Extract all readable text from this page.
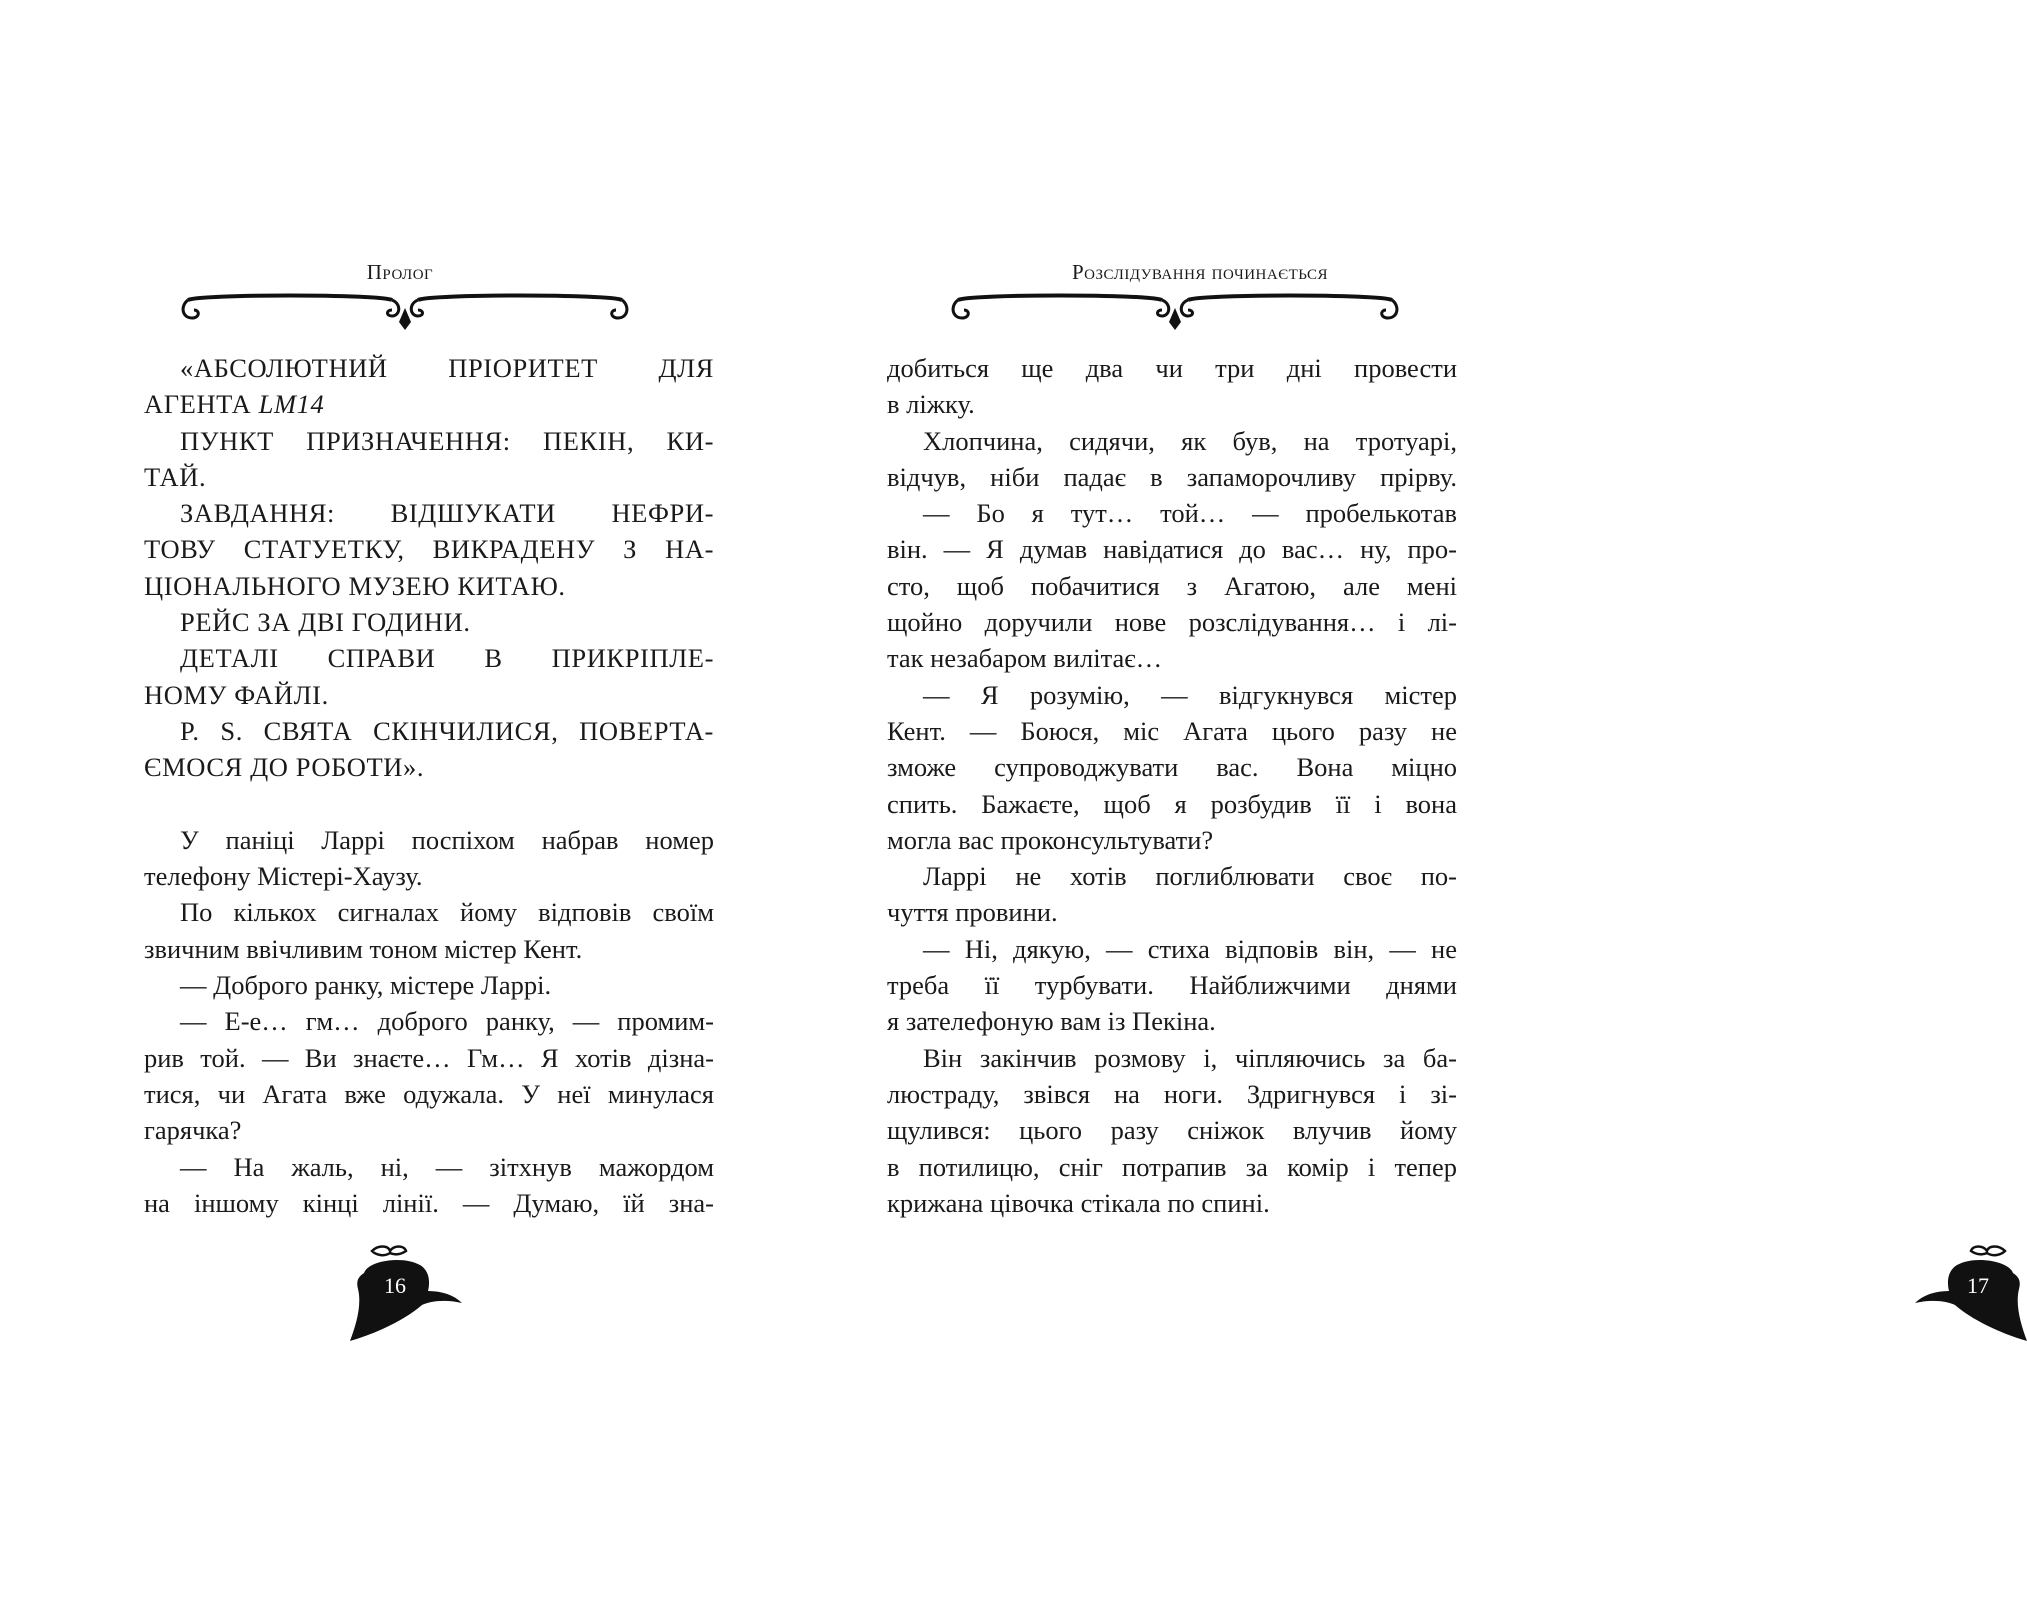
Пролог
«АБСОЛЮТНИЙ ПРІОРИТЕТ ДЛЯ
АГЕНТА LM14
ПУНКТ ПРИЗНАЧЕННЯ: ПЕКІН, КИ-
ТАЙ.
ЗАВДАННЯ: ВІДШУКАТИ НЕФРИ-
ТОВУ СТАТУЕТКУ, ВИКРАДЕНУ З НА-
ЦІОНАЛЬНОГО МУЗЕЮ КИТАЮ.
РЕЙС ЗА ДВІ ГОДИНИ.
ДЕТАЛІ СПРАВИ В ПРИКРІПЛЕ-
НОМУ ФАЙЛІ.
P. S. СВЯТА СКІНЧИЛИСЯ, ПОВЕРТА-
ЄМОСЯ ДО РОБОТИ».
У паніці Ларрі поспіхом набрав номер
телефону Містері-Хаузу.
По кількох сигналах йому відповів своїм
звичним ввічливим тоном містер Кент.
— Доброго ранку, містере Ларрі.
— Е-е… гм… доброго ранку, — промим-
рив той. — Ви знаєте… Гм… Я хотів дізна-
тися, чи Агата вже одужала. У неї минулася
гарячка?
— На жаль, ні, — зітхнув мажордом
на іншому кінці лінії. — Думаю, їй зна-
16
Розслідування починається
добиться ще два чи три дні провести
в ліжку.
Хлопчина, сидячи, як був, на тротуарі,
відчув, ніби падає в запаморочливу прірву.
— Бо я тут… той… — пробелькотав
він. — Я думав навідатися до вас… ну, про-
сто, щоб побачитися з Агатою, але мені
щойно доручили нове розслідування… і лі-
так незабаром вилітає…
— Я розумію, — відгукнувся містер
Кент. — Боюся, міс Агата цього разу не
зможе супроводжувати вас. Вона міцно
спить. Бажаєте, щоб я розбудив її і вона
могла вас проконсультувати?
Ларрі не хотів поглиблювати своє по-
чуття провини.
— Ні, дякую, — стиха відповів він, — не
треба її турбувати. Найближчими днями
я зателефоную вам із Пекіна.
Він закінчив розмову і, чіпляючись за ба-
люстраду, звівся на ноги. Здригнувся і зі-
щулився: цього разу сніжок влучив йому
в потилицю, сніг потрапив за комір і тепер
крижана цівочка стікала по спині.
17
